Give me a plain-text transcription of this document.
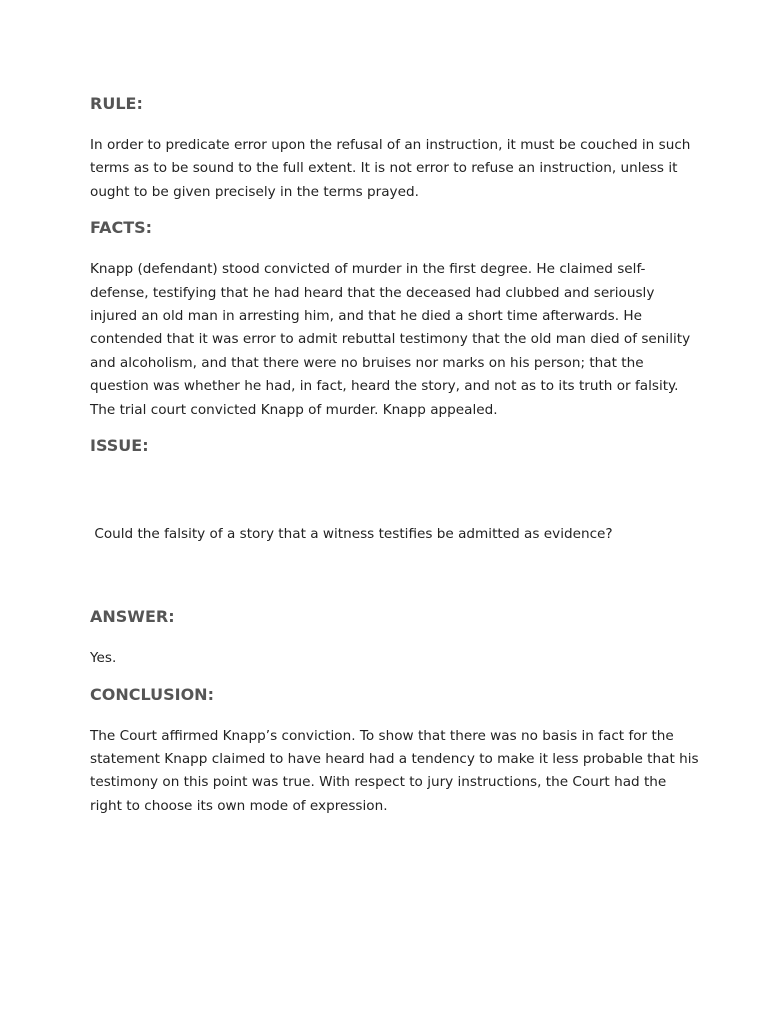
RULE:
In order to predicate error upon the refusal of an instruction, it must be couched in such
terms as to be sound to the full extent. It is not error to refuse an instruction, unless it
ought to be given precisely in the terms prayed.
FACTS:
Knapp (defendant) stood convicted of murder in the first degree. He claimed self-
defense, testifying that he had heard that the deceased had clubbed and seriously
injured an old man in arresting him, and that he died a short time afterwards. He
contended that it was error to admit rebuttal testimony that the old man died of senility
and alcoholism, and that there were no bruises nor marks on his person; that the
question was whether he had, in fact, heard the story, and not as to its truth or falsity.
The trial court convicted Knapp of murder. Knapp appealed.
ISSUE:

Could the falsity of a story that a witness testifies be admitted as evidence?

ANSWER:
Yes.
CONCLUSION:
The Court affirmed Knapp’s conviction. To show that there was no basis in fact for the
statement Knapp claimed to have heard had a tendency to make it less probable that his
testimony on this point was true. With respect to jury instructions, the Court had the
right to choose its own mode of expression.
